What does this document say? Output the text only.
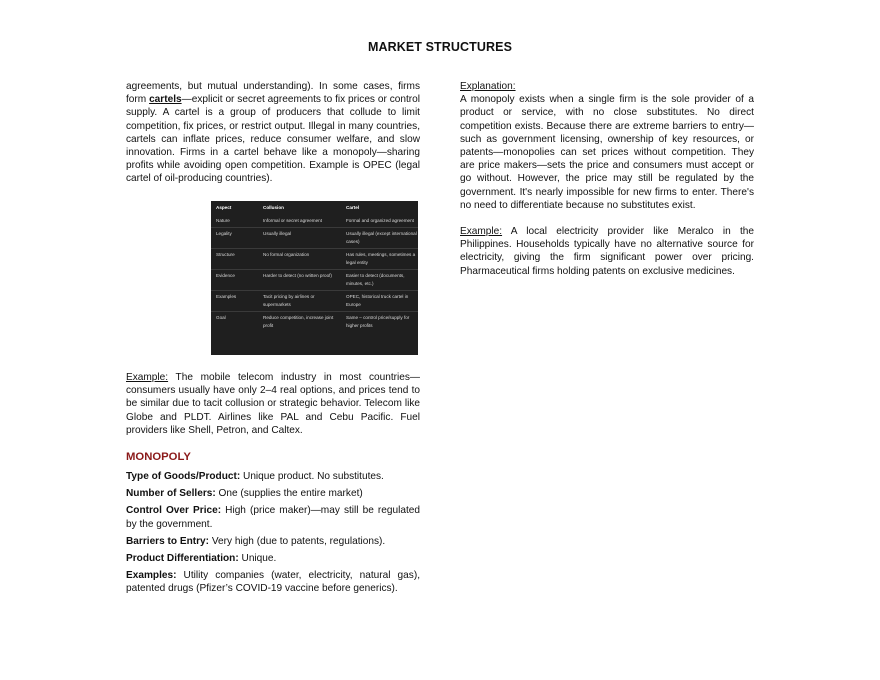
MARKET STRUCTURES

agreements, but mutual understanding). In some cases, firms form cartels—explicit or secret agreements to fix prices or control supply. A cartel is a group of producers that collude to limit competition, fix prices, or restrict output. Illegal in many countries, cartels can inflate prices, reduce consumer welfare, and slow innovation. Firms in a cartel behave like a monopoly—sharing profits while avoiding open competition. Example is OPEC (legal cartel of oil-producing countries).

Aspect	Collusion	Cartel
Nature	Informal or secret agreement	Formal and organized agreement
Legality	Usually illegal	Usually illegal (except international cases)
Structure	No formal organization	Has rules, meetings, sometimes a legal entity
Evidence	Harder to detect (no written proof)	Easier to detect (documents, minutes, etc.)
Examples	Tacit pricing by airlines or supermarkets	OPEC, historical truck cartel in Europe
Goal	Reduce competition, increase joint profit	Same – control price/supply for higher profits

Example: The mobile telecom industry in most countries—consumers usually have only 2–4 real options, and prices tend to be similar due to tacit collusion or strategic behavior. Telecom like Globe and PLDT. Airlines like PAL and Cebu Pacific. Fuel providers like Shell, Petron, and Caltex.

MONOPOLY

Type of Goods/Product: Unique product. No substitutes.

Number of Sellers: One (supplies the entire market)

Control Over Price: High (price maker)—may still be regulated by the government.

Barriers to Entry: Very high (due to patents, regulations).

Product Differentiation: Unique.

Examples: Utility companies (water, electricity, natural gas), patented drugs (Pfizer’s COVID-19 vaccine before generics).

Explanation:

A monopoly exists when a single firm is the sole provider of a product or service, with no close substitutes. No direct competition exists. Because there are extreme barriers to entry—such as government licensing, ownership of key resources, or patents—monopolies can set prices without competition. They are price makers—sets the price and consumers must accept or go without. However, the price may still be regulated by the government. It's nearly impossible for new firms to enter. There's no need to differentiate because no substitutes exist.

Example: A local electricity provider like Meralco in the Philippines. Households typically have no alternative source for electricity, giving the firm significant power over pricing. Pharmaceutical firms holding patents on exclusive medicines.
